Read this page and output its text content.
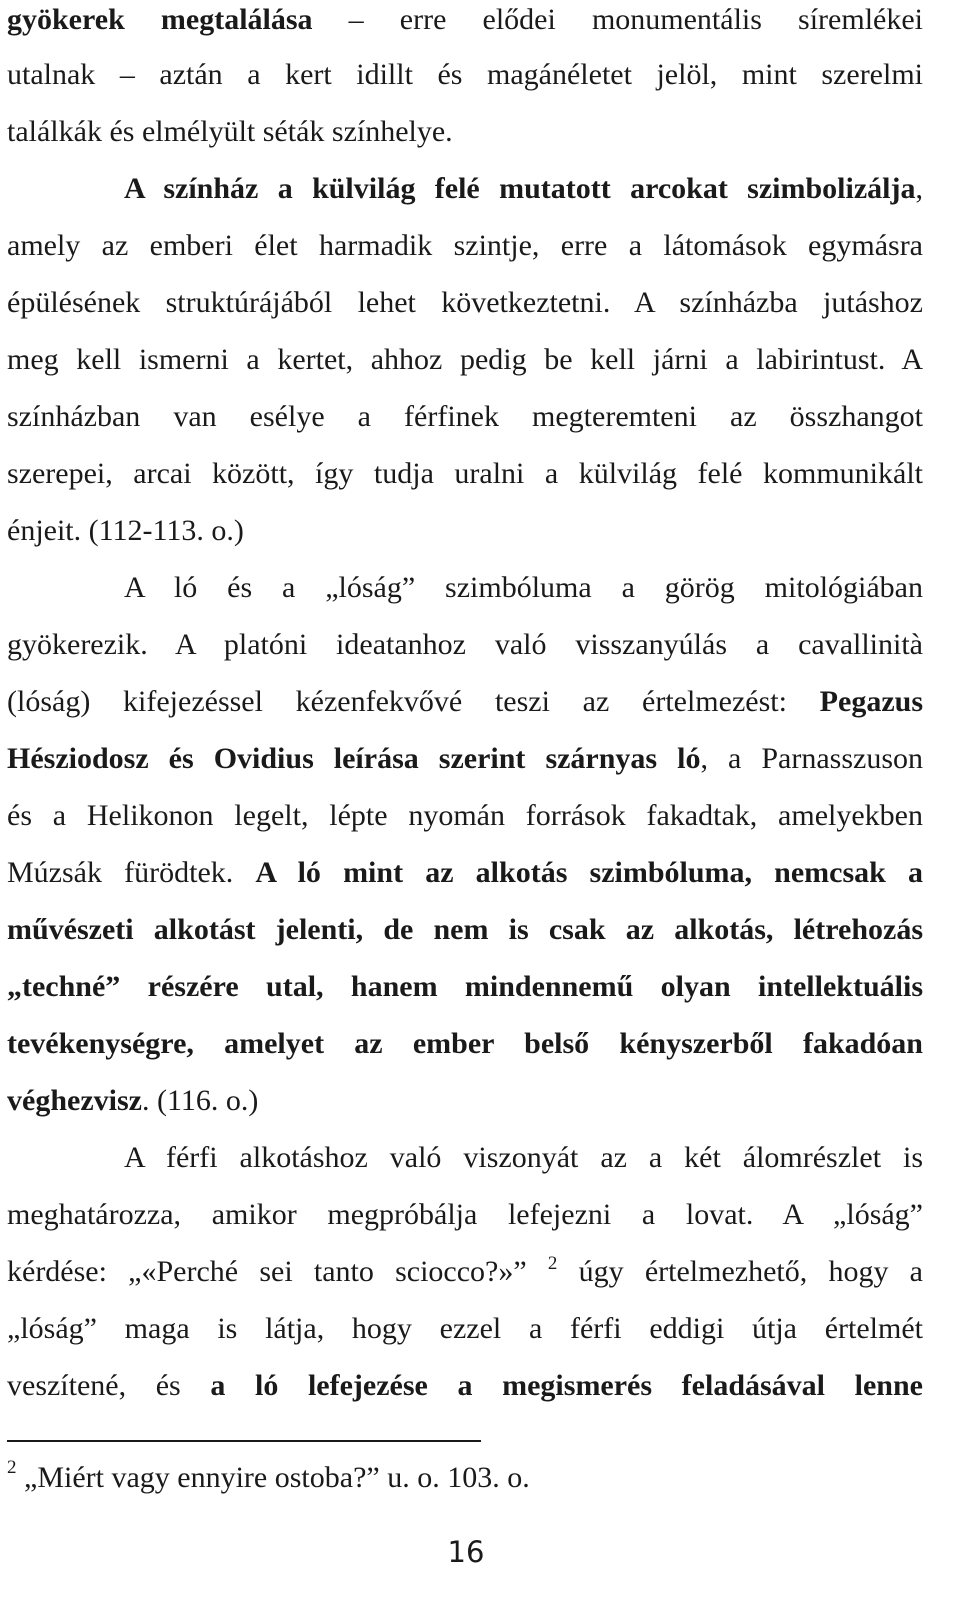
gyökerek megtalálása – erre elődei monumentális síremlékei
utalnak – aztán a kert idillt és magánéletet jelöl, mint szerelmi
találkák és elmélyült séták színhelye.
A színház a külvilág felé mutatott arcokat szimbolizálja,
amely az emberi élet harmadik szintje, erre a látomások egymásra
épülésének struktúrájából lehet következtetni. A színházba jutáshoz
meg kell ismerni a kertet, ahhoz pedig be kell járni a labirintust. A
színházban van esélye a férfinek megteremteni az összhangot
szerepei, arcai között, így tudja uralni a külvilág felé kommunikált
énjeit. (112-113. o.)
A ló és a „lóság” szimbóluma a görög mitológiában
gyökerezik. A platóni ideatanhoz való visszanyúlás a cavallinità
(lóság) kifejezéssel kézenfekvővé teszi az értelmezést: Pegazus
Hésziodosz és Ovidius leírása szerint szárnyas ló, a Parnasszuson
és a Helikonon legelt, lépte nyomán források fakadtak, amelyekben
Múzsák fürödtek. A ló mint az alkotás szimbóluma, nemcsak a
művészeti alkotást jelenti, de nem is csak az alkotás, létrehozás
„techné” részére utal, hanem mindennemű olyan intellektuális
tevékenységre, amelyet az ember belső kényszerből fakadóan
véghezvisz. (116. o.)
A férfi alkotáshoz való viszonyát az a két álomrészlet is
meghatározza, amikor megpróbálja lefejezni a lovat. A „lóság”
kérdése: „«Perché sei tanto sciocco?»” $^2$ úgy értelmezhető, hogy a
„lóság” maga is látja, hogy ezzel a férfi eddigi útja értelmét
veszítené, és a ló lefejezése a megismerés feladásával lenne
$^2$ „Miért vagy ennyire ostoba?” u. o. 103. o.
16
